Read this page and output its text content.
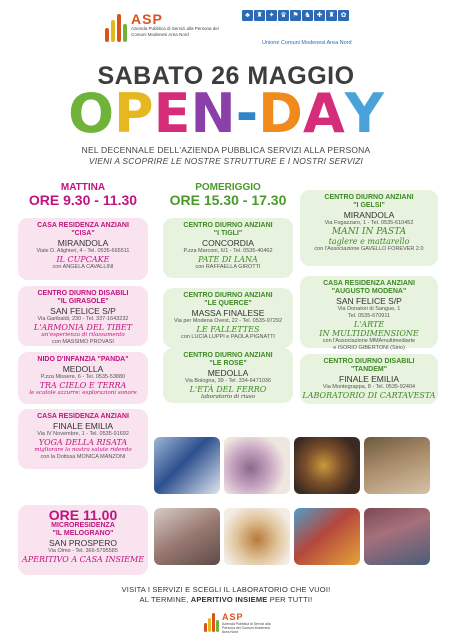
ASP
Azienda Pubblica di Servizi alla Persona dei Comuni Modenesi Area Nord
♣ ♜ ✦ ♛ ⚑ ♞ ✚ ♜ ✿
Unione Comuni Modenesi Area Nord
SABATO 26 MAGGIO
OPEN-DAY
NEL DECENNALE DELL'AZIENDA PUBBLICA SERVIZI ALLA PERSONA
VIENI A SCOPRIRE LE NOSTRE STRUTTURE E I NOSTRI SERVIZI
MATTINA
ORE 9.30 - 11.30
POMERIGGIO
ORE 15.30 - 17.30
CASA RESIDENZA ANZIANI
"CISA"
MIRANDOLA
Viale D. Alighieri, 4 - Tel. 0535-665511
IL CUPCAKE
con ANGELA CAVALLINI
CENTRO DIURNO DISABILI
"IL GIRASOLE"
SAN FELICE S/P
Via Garibaldi, 230 - Tel. 337-1643232
L'ARMONIA DEL TIBET
un'esperienza di rilassamento
con MASSIMO PROVASI
NIDO D'INFANZIA "PANDA"
MEDOLLA
P.zza Missere, 6 - Tel. 0535-53880
TRA CIELO E TERRA
le scatole azzurre: esplorazioni sonore
CASA RESIDENZA ANZIANI
FINALE EMILIA
Via IV Novembre, 1 - Tel. 0535-91692
YOGA DELLA RISATA
migliorare la nostra salute ridendo
con la Dottssa MONICA MANZONI
ORE 11.00
MICRORESIDENZA
"IL MELOGRANO"
SAN PROSPERO
Via Olmo - Tel. 366-5795585
APERITIVO A CASA INSIEME
CENTRO DIURNO ANZIANI
"I TIGLI"
CONCORDIA
P.zza Marconi, 6/1 - Tel. 0535-40462
PATE DI LANA
con RAFFAELLA GIROTTI
CENTRO DIURNO ANZIANI
"LE QUERCE"
MASSA FINALESE
Via per Modena Ovest, 22 - Tel. 0535-97292
LE FALLETTES
con LUCIA LUPPI e PAOLA PIGNATTI
CENTRO DIURNO ANZIANI
"LE ROSE"
MEDOLLA
Via Bologna, 39 - Tel. 334-6471036
L'ETÀ DEL FERRO
laboratorio di riuso
CENTRO DIURNO ANZIANI
"I GELSI"
MIRANDOLA
Via Fogazzaro, 1 - Tel. 0535-610452
MANI IN PASTA
taglere e mattarello
con l'Associazione GAVELLO FOREVER 2.0
CASA RESIDENZA ANZIANI
"AUGUSTO MODENA"
SAN FELICE S/P
Via Donatori di Sangue, 1
Tel. 0535-670911
L'ARTE
IN MULTIDIMENSIONE
con l'Associazione MMAmultimediarte
e ISORIO GIBERTONI (Sirio)
CENTRO DIURNO DISABILI
"TANDEM"
FINALE EMILIA
Via Montegrappa, 8 - Tel. 0535-92404
LABORATORIO DI CARTAVESTA
VISITA I SERVIZI E SCEGLI IL LABORATORIO CHE VUOI!
AL TERMINE, APERITIVO INSIEME PER TUTTI!
ASP
Azienda Pubblica di Servizi alla Persona dei Comuni Modenesi Area Nord
